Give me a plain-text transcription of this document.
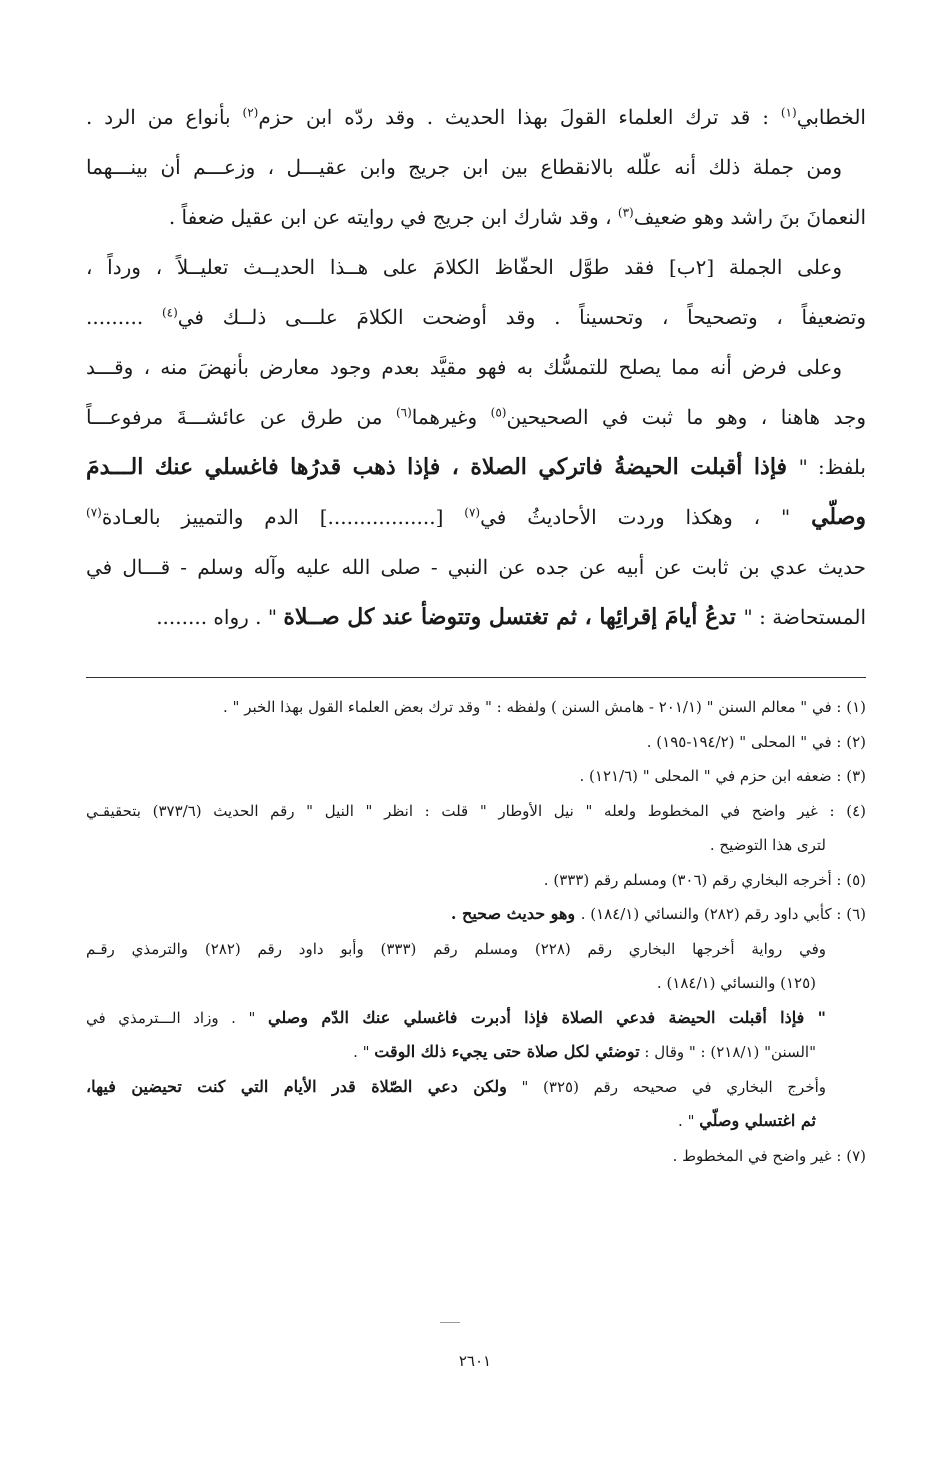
الخطابي$^{(١)}$ : قد ترك العلماء القولَ بهذا الحديث . وقد ردّه ابن حزم$^{(٢)}$ بأنواع من الرد .

ومن جملة ذلك أنه علّله بالانقطاع بين ابن جريج وابن عقيـــل ، وزعـــم أن بينـــهما

النعمانَ بنَ راشد وهو ضعيف$^{(٣)}$ ، وقد شارك ابن جريج في روايته عن ابن عقيل ضعفاً .

وعلى الجملة [٢ب] فقد طوَّل الحفّاظ الكلامَ على هــذا الحديــث تعليــلاً ، ورداً ،

وتضعيفاً ، وتصحيحاً ، وتحسيناً . وقد أوضحت الكلامَ علـــى ذلــك في$^{(٤)}$ .........

وعلى فرض أنه مما يصلح للتمسُّك به فهو مقيَّد بعدم وجود معارض بأنهضَ منه ، وقـــد

وجد هاهنا ، وهو ما ثبت في الصحيحين$^{(٥)}$ وغيرهما$^{(٦)}$ من طرق عن عائشـــةَ مرفوعـــاً

بلفظ: " فإذا أقبلت الحيضةُ فاتركي الصلاة ، فإذا ذهب قدرُها فاغسلي عنك الـــدمَ

وصلّي " ، وهكذا وردت الأحاديثُ في$^{(٧)}$ [.................] الدم والتمييز بالعـادة$^{(٧)}$

حديث عدي بن ثابت عن أبيه عن جده عن النبي - صلى الله عليه وآله وسلم - قـــال في

المستحاضة : " تدعُ أيامَ إقرائِها ، ثم تغتسل وتتوضأ عند كل صــلاة " . رواه ........

(١) : في " معالم السنن " (٢٠١/١ - هامش السنن ) ولفظه : " وقد ترك بعض العلماء القول بهذا الخبر " .

(٢) : في " المحلى " (١٩٤/٢-١٩٥) .

(٣) : ضعفه ابن حزم في " المحلى " (١٢١/٦) .

(٤) : غير واضح في المخطوط ولعله " نيل الأوطار " قلت : انظر " النيل " رقم الحديث (٣٧٣/٦) بتحقيقـي

لترى هذا التوضيح .

(٥) : أخرجه البخاري رقم (٣٠٦) ومسلم رقم (٣٣٣) .

(٦) : كأبي داود رقم (٢٨٢) والنسائي (١٨٤/١) . وهو حديث صحيح .

وفي رواية أخرجها البخاري رقم (٢٢٨) ومسلم رقم (٣٣٣) وأبو داود رقم (٢٨٢) والترمذي رقـم

(١٢٥) والنسائي (١٨٤/١) .

" فإذا أقبلت الحيضة فدعي الصلاة فإذا أدبرت فاغسلي عنك الدّم وصلي " . وزاد الـــترمذي في

"السنن" (٢١٨/١) : " وقال : توضئي لكل صلاة حتى يجيء ذلك الوقت " .

وأخرج البخاري في صحيحه رقم (٣٢٥) " ولكن دعي الصّلاة قدر الأيام التي كنت تحيضين فيها،

ثم اغتسلي وصلّي " .

(٧) : غير واضح في المخطوط .

٢٦٠١
